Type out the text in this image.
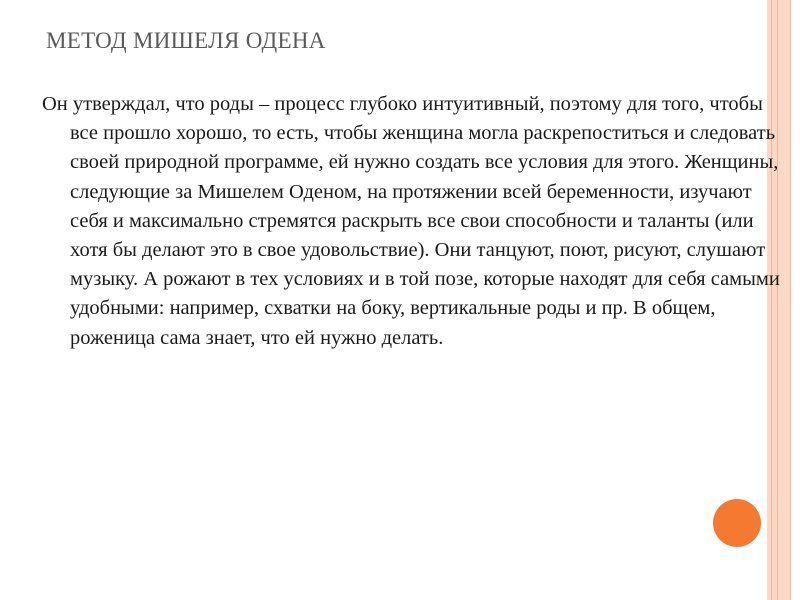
МЕТОД МИШЕЛЯ ОДЕНА

Он утверждал, что роды – процесс глубоко интуитивный, поэтому для того, чтобы все прошло хорошо, то есть, чтобы женщина могла раскрепоститься и следовать своей природной программе, ей нужно создать все условия для этого. Женщины, следующие за Мишелем Оденом, на протяжении всей беременности, изучают себя и максимально стремятся раскрыть все свои способности и таланты (или хотя бы делают это в свое удовольствие). Они танцуют, поют, рисуют, слушают музыку. А рожают в тех условиях и в той позе, которые находят для себя самыми удобными: например, схватки на боку, вертикальные роды и пр. В общем, роженица сама знает, что ей нужно делать.
